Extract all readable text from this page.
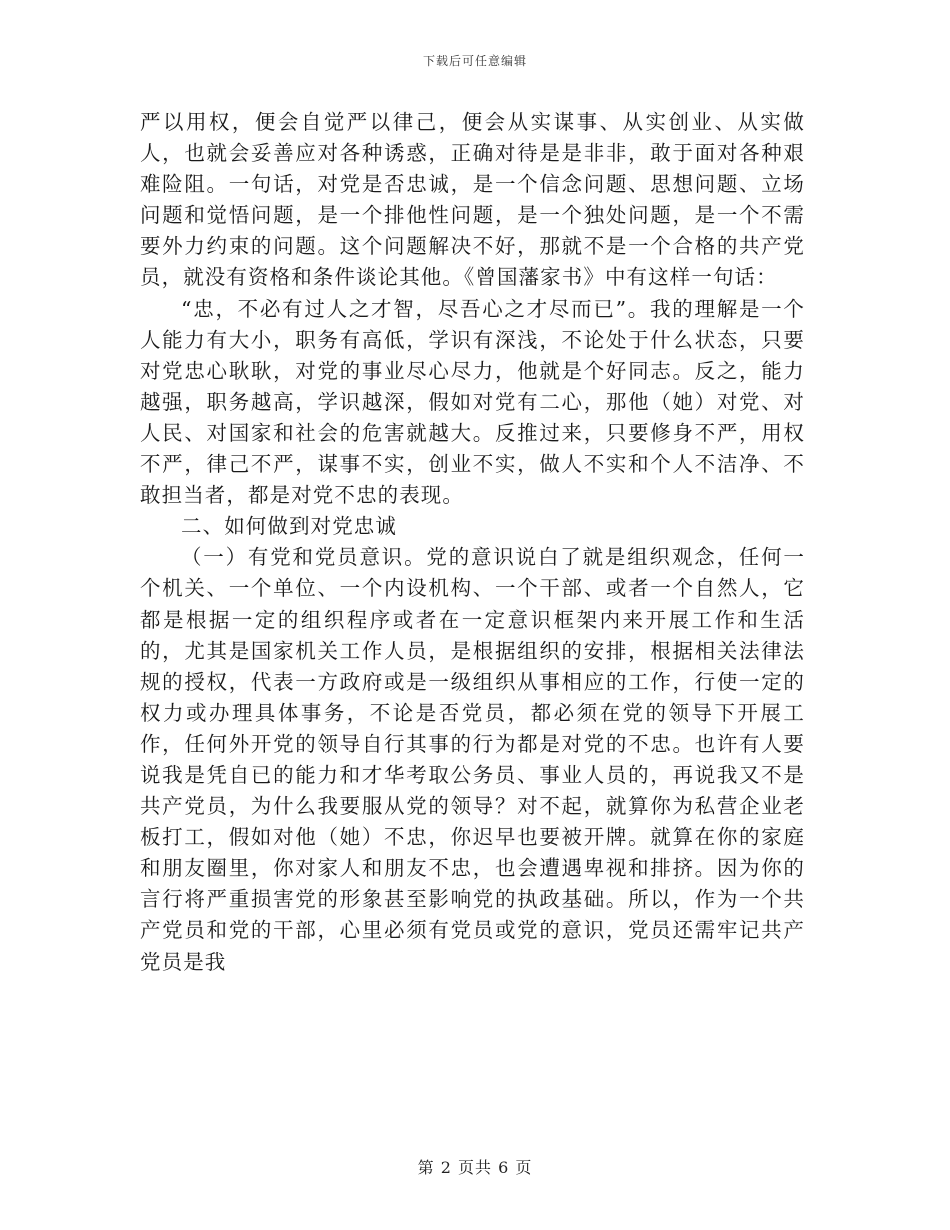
下载后可任意编辑

严以用权，便会自觉严以律己，便会从实谋事、从实创业、从实做人，也就会妥善应对各种诱惑，正确对待是是非非，敢于面对各种艰难险阻。一句话，对党是否忠诚，是一个信念问题、思想问题、立场问题和觉悟问题，是一个排他性问题，是一个独处问题，是一个不需要外力约束的问题。这个问题解决不好，那就不是一个合格的共产党员，就没有资格和条件谈论其他。《曾国藩家书》中有这样一句话：

“忠，不必有过人之才智，尽吾心之才尽而已”。我的理解是一个人能力有大小，职务有高低，学识有深浅，不论处于什么状态，只要对党忠心耿耿，对党的事业尽心尽力，他就是个好同志。反之，能力越强，职务越高，学识越深，假如对党有二心，那他（她）对党、对人民、对国家和社会的危害就越大。反推过来，只要修身不严，用权不严，律己不严，谋事不实，创业不实，做人不实和个人不洁净、不敢担当者，都是对党不忠的表现。

二、如何做到对党忠诚

（一）有党和党员意识。党的意识说白了就是组织观念，任何一个机关、一个单位、一个内设机构、一个干部、或者一个自然人，它都是根据一定的组织程序或者在一定意识框架内来开展工作和生活的，尤其是国家机关工作人员，是根据组织的安排，根据相关法律法规的授权，代表一方政府或是一级组织从事相应的工作，行使一定的权力或办理具体事务，不论是否党员，都必须在党的领导下开展工作，任何外开党的领导自行其事的行为都是对党的不忠。也许有人要说我是凭自已的能力和才华考取公务员、事业人员的，再说我又不是共产党员，为什么我要服从党的领导？对不起，就算你为私营企业老板打工，假如对他（她）不忠，你迟早也要被开牌。就算在你的家庭和朋友圈里，你对家人和朋友不忠，也会遭遇卑视和排挤。因为你的言行将严重损害党的形象甚至影响党的执政基础。所以，作为一个共产党员和党的干部，心里必须有党员或党的意识，党员还需牢记共产党员是我

第 2 页共 6 页
